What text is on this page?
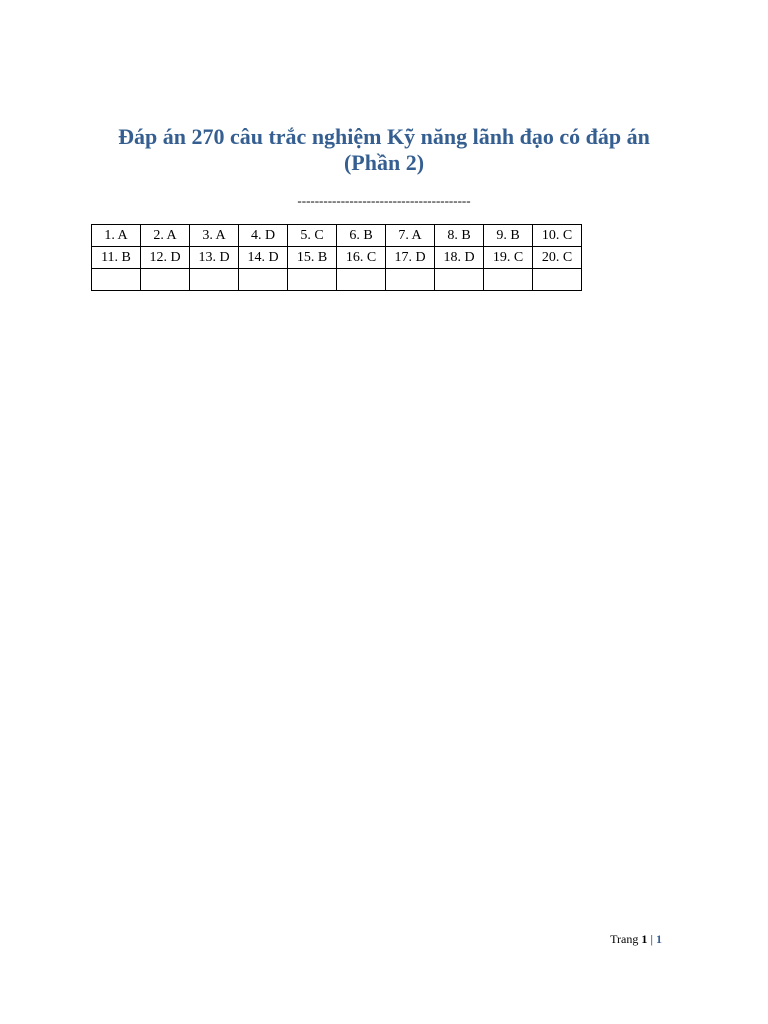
Đáp án 270 câu trắc nghiệm Kỹ năng lãnh đạo có đáp án
(Phần 2)
----------------------------------------
1. A	2. A	3. A	4. D	5. C	6. B	7. A	8. B	9. B	10. C
11. B	12. D	13. D	14. D	15. B	16. C	17. D	18. D	19. C	20. C

Trang 1 | 1
